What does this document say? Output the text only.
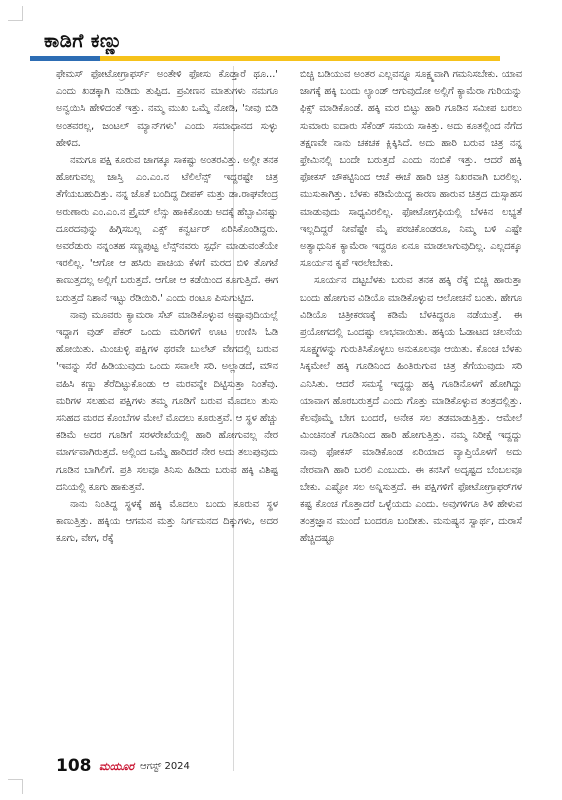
ಕಾಡಿಗೆ ಕಣ್ಣು

ಫೇಮಸ್ ಫೋಟೋಗ್ರಾಫರ್ಸ್ ಅಂತೇಳಿ ಫೋಸು ಕೊಡ್ತಾರೆ ಥೂ...' ಎಂದು ಖಡಕ್ಕಾಗಿ ನುಡಿದು ತುಪ್ಪಿದ. ಪ್ರವೀಣನ ಮಾತುಗಳು ನಮಗೂ ಅನ್ವಯಿಸಿ ಹೇಳಿದಂತೆ ಇತ್ತು. ನಮ್ಮ ಮುಖ ಒಮ್ಮೆ ನೋಡಿ, 'ನೀವು ಬಿಡಿ ಅಂತವರಲ್ಲ, ಜಂಟಲ್ ಮ್ಯಾನ್‌ಗಳು' ಎಂದು ಸಮಾಧಾನದ ಸುಳ್ಳು ಹೇಳಿದ.

ನಮಗೂ ಪಕ್ಷಿ ಕೂರುವ ಜಾಗಕ್ಕೂ ಸಾಕಷ್ಟು ಅಂತರವಿತ್ತು. ಅಲ್ಲೀ ತನಕ ಹೋಗುವಲ್ಲ ಜಾಸ್ತಿ ಎಂ.ಎಂ.ನ ಟೆಲಿಲೆನ್ಸ್ ಇದ್ದರಷ್ಟೇ ಚಿತ್ರ ತೆಗೆಯಬಹುದಿತ್ತು. ನನ್ನ ಜೊತೆ ಬಂದಿದ್ದ ದೀಪಕ್ ಮತ್ತು ಡಾ.ರಾಘವೇಂದ್ರ ಅರುಣಾರು ಎಂ.ಎಂ.ನ ಪ್ರೈಮ್ ಲೆನ್ಸು ಹಾಕಿಕೊಂಡು ಅದಕ್ಕೆ ಹೆಬ್ಬಾವಿನಷ್ಟು ದೂರದವುನ್ನು ಹಿಗ್ಗಿಸಬಲ್ಲ ಎಕ್ಸ್ ಕನ್ವರ್ಟರ್ ಏರಿಸಿಕೊಂಡಿದ್ದರು. ಅವರೆಡುರು ನನ್ನಂತಹ ಸಣ್ಣಪುಟ್ಟ ಲೆನ್ಸ್‌ನವರು ಸ್ಪರ್ಧೆ ಮಾಡುವಂತೆಯೇ ಇರಲಿಲ್ಲ. 'ಆಗೋ ಆ ಹಸಿರು ಪಾಚಿಯ ಕೆಳಗೆ ಮರದ ಬಿಳಿ ತೊಗಟೆ ಕಾಣುತ್ತದಲ್ಲ ಅಲ್ಲಿಗೆ ಬರುತ್ತದೆ. ಆಗೋ ಆ ಕಡೆಯಿಂದ ಕೂಗುತ್ತಿದೆ. ಈಗ ಬರುತ್ತದೆ ನಿಶಾನೆ ಇಟ್ಟು ರೆಡಿಯಿರಿ.' ಎಂದು ರಂಟೂ ಪಿಸುಗುಟ್ಟಿದ.

ನಾವು ಮೂವರು ಕ್ಯಾಮರಾ ಸೆಟ್ ಮಾಡಿಕೊಳ್ಳುವ ಅಷ್ಟಾವುದಿಯಲ್ಲೆ ಇದ್ದಾಗ ವುಡ್ ಪೆಕರ್ ಒಂದು ಮರಿಗಳಿಗೆ ಊಟ ಉಣಿಸಿ ಓಡಿ ಹೋಯಿತು. ಮಿಂಚುಳ್ಳಿ ಪಕ್ಷಿಗಳ ಥರವೇ ಬುಲೆಟ್ ವೇಗದಲ್ಲಿ ಬರುವ 'ಇವನ್ನು ಸೆರೆ ಹಿಡಿಯುವುದು ಒಂದು ಸವಾಲೇ ಸರಿ. ಅಲ್ಲಾಡದೆ, ಮೌನ ವಹಿಸಿ ಕಣ್ಣು ತೆರೆದಿಟ್ಟುಕೊಂಡು ಆ ಮರವನ್ನೇ ದಿಟ್ಟಿಸುತ್ತಾ ನಿಂತೆವು. ಮರಿಗಳ ಸಲಹುವ ಪಕ್ಷಿಗಳು ತಮ್ಮ ಗೂಡಿಗೆ ಬರುವ ಮೊದಲು ತುಸು ಸನಿಹದ ಮರದ ಕೊಂಬೆಗಳ ಮೇಲೆ ಮೊದಲು ಕೂರುತ್ತವೆ. ಆ ಸ್ಥಳ ಹೆಚ್ಚು ಕಡಿಮೆ ಅದರ ಗೂಡಿಗೆ ಸರಳರೇಖೆಯಲ್ಲಿ ಹಾರಿ ಹೋಗುವಲ್ಲ ನೇರ ಮಾರ್ಗವಾಗಿರುತ್ತದೆ. ಅಲ್ಲಿಂದ ಒಮ್ಮೆ ಹಾರಿದರೆ ನೇರ ಅದು ತಲುಪುವುದು ಗೂಡಿನ ಬಾಗಿಲಿಗೆ. ಪ್ರತಿ ಸಲವೂ ತಿನಿಸು ಹಿಡಿದು ಬರುವ ಹಕ್ಕಿ ವಿಶಿಷ್ಟ ದನಿಯಲ್ಲಿ ಕೂಗು ಹಾಕುತ್ತವೆ.

ನಾನು ನಿಂತಿದ್ದ ಸ್ಥಳಕ್ಕೆ ಹಕ್ಕಿ ಮೊದಲು ಬಂದು ಕೂರುವ ಸ್ಥಳ ಕಾಣುತ್ತಿತ್ತು. ಹಕ್ಕಿಯ ಆಗಮನ ಮತ್ತು ನಿರ್ಗಮನದ ದಿಕ್ಕುಗಳು, ಅದರ ಕೂಗು, ವೇಗ, ರೆಕ್ಕೆ

ಬಿಚ್ಚಿ ಬಡಿಯುವ ಅಂತರ ಎಲ್ಲವನ್ನೂ ಸೂಕ್ಷ್ಮವಾಗಿ ಗಮನಿಸಬೇಕು. ಯಾವ ಜಾಗಕ್ಕೆ ಹಕ್ಕಿ ಬಂದು ಲ್ಯಾಂಡ್ ಆಗುವುದೋ ಅಲ್ಲಿಗೆ ಕ್ಯಾಮೆರಾ ಗುರಿಯನ್ನು ಫಿಕ್ಸ್ ಮಾಡಿಕೊಂಡೆ. ಹಕ್ಕಿ ಮರ ಬಿಟ್ಟು ಹಾರಿ ಗೂಡಿನ ಸಮೀಪ ಬರಲು ಸುಮಾರು ಐದಾರು ಸೆಕೆಂಡ್ ಸಮಯ ಸಾಕಿತ್ತು. ಅದು ಕೂತಲ್ಲಿಂದ ನೆಗೆದ ತಕ್ಷಣವೇ ನಾನು ಚಕಚಕ ಕ್ಲಿಕ್ಕಿಸಿದೆ. ಅದು ಹಾರಿ ಬರುವ ಚಿತ್ರ ನನ್ನ ಫ್ರೇಮಿನಲ್ಲಿ ಬಂದೇ ಬರುತ್ತದೆ ಎಂದು ನಂಬಿಕೆ ಇತ್ತು. ಆದರೆ ಹಕ್ಕಿ ಫೋಕಸ್ ಚೌಕಟ್ಟಿನಿಂದ ಆಚೆ ಈಚೆ ಹಾರಿ ಚಿತ್ರ ನಿಖರವಾಗಿ ಬರಲಿಲ್ಲ. ಮುಸುಕಾಗಿತ್ತು. ಬೆಳಕು ಕಡಿಮೆಯಿದ್ದ ಕಾರಣ ಹಾರುವ ಚಿತ್ರದ ದುಸ್ಸಾಹಸ ಮಾಡುವುದು ಸಾಧ್ಯವಿರಲಿಲ್ಲ. ಫೋಟೋಗ್ರಫಿಯಲ್ಲಿ ಬೆಳಕಿನ ಲಭ್ಯತೆ ಇಲ್ಲದಿದ್ದರೆ ನೀವೆಷ್ಟೇ ಮೈ ಪರಚಿಕೊಂಡರೂ, ನಿಮ್ಮ ಬಳಿ ಎಷ್ಟೇ ಅತ್ಯಾಧುನಿಕ ಕ್ಯಾಮೆರಾ ಇದ್ದರೂ ಏನೂ ಮಾಡಲಾಗುವುದಿಲ್ಲ. ಎಲ್ಲದಕ್ಕೂ ಸೂರ್ಯನ ಕೃಪೆ ಇರಲೇಬೇಕು.

ಸೂರ್ಯನ ದಟ್ಟಬೆಳಕು ಬರುವ ತನಕ ಹಕ್ಕಿ ರೆಕ್ಕೆ ಬಿಚ್ಚಿ ಹಾರುತ್ತಾ ಬಂದು ಹೋಗುವ ವಿಡಿಯೊ ಮಾಡಿಕೊಳ್ಳುವ ಆಲೋಚನೆ ಬಂತು. ಹೇಗೂ ವಿಡಿಯೊ ಚಿತ್ರೀಕರಣಕ್ಕೆ ಕಡಿಮೆ ಬೆಳಕಿದ್ದರೂ ನಡೆಯುತ್ತೆ. ಈ ಪ್ರಯೋಗದಲ್ಲಿ ಒಂದಷ್ಟು ಲಾಭವಾಯಿತು. ಹಕ್ಕಿಯ ಓಡಾಟದ ಚಲನೆಯ ಸೂಕ್ಷ್ಮಗಳನ್ನು ಗುರುತಿಸಿಕೊಳ್ಳಲು ಅನುಕೂಲವೂ ಆಯಿತು. ಕೊಂಚ ಬೆಳಕು ಸಿಕ್ಕಮೇಲೆ ಹಕ್ಕಿ ಗೂಡಿನಿಂದ ಹಿಂತಿರುಗುವ ಚಿತ್ರ ತೆಗೆಯುವುದು ಸರಿ ಎನಿಸಿತು. ಆದರೆ ಸಮಸ್ಯೆ ಇದ್ದದ್ದು ಹಕ್ಕಿ ಗೂಡಿನೊಳಗೆ ಹೋಗಿದ್ದು ಯಾವಾಗ ಹೊರಬರುತ್ತದೆ ಎಂದು ಗೊತ್ತು ಮಾಡಿಕೊಳ್ಳುವ ತಂತ್ರದಲ್ಲಿತ್ತು. ಕೆಲವೊಮ್ಮೆ ಬೇಗ ಬಂದರೆ, ಅನೇಕ ಸಲ ತಡಮಾಡುತ್ತಿತ್ತು. ಆಮೇಲೆ ಮಿಂಚಿನಂತೆ ಗೂಡಿನಿಂದ ಹಾರಿ ಹೋಗುತ್ತಿತ್ತು. ನಮ್ಮ ನಿರೀಕ್ಷೆ ಇದ್ದದ್ದು ನಾವು ಫೋಕಸ್ ಮಾಡಿಕೊಂಡ ಏರಿಯಾದ ವ್ಯಾಪ್ತಿಯೊಳಗೆ ಅದು ನೇರವಾಗಿ ಹಾರಿ ಬರಲಿ ಎಂಬುದು. ಈ ಕನಸಿಗೆ ಅದೃಷ್ಟದ ಬೆಂಬಲವೂ ಬೇಕು. ಎಷ್ಟೋ ಸಲ ಅನ್ನಿಸುತ್ತದೆ. ಈ ಪಕ್ಷಿಗಳಿಗೆ ಫೋಟೋಗ್ರಾಫರ್‌ಗಳ ಕಷ್ಟ ಕೊಂಚ ಗೊತ್ತಾದರೆ ಒಳ್ಳೆಯದು ಎಂದು. ಅವುಗಳಿಗೂ ತಿಳಿ ಹೇಳುವ ತಂತ್ರಜ್ಞಾನ ಮುಂದೆ ಬಂದರೂ ಬಂದೀತು. ಮನುಷ್ಯನ ಸ್ವಾರ್ಥ, ದುರಾಸೆ ಹೆಚ್ಚಿದಷ್ಟೂ

108 ಮಯೂರ ಆಗಸ್ಟ್ 2024
